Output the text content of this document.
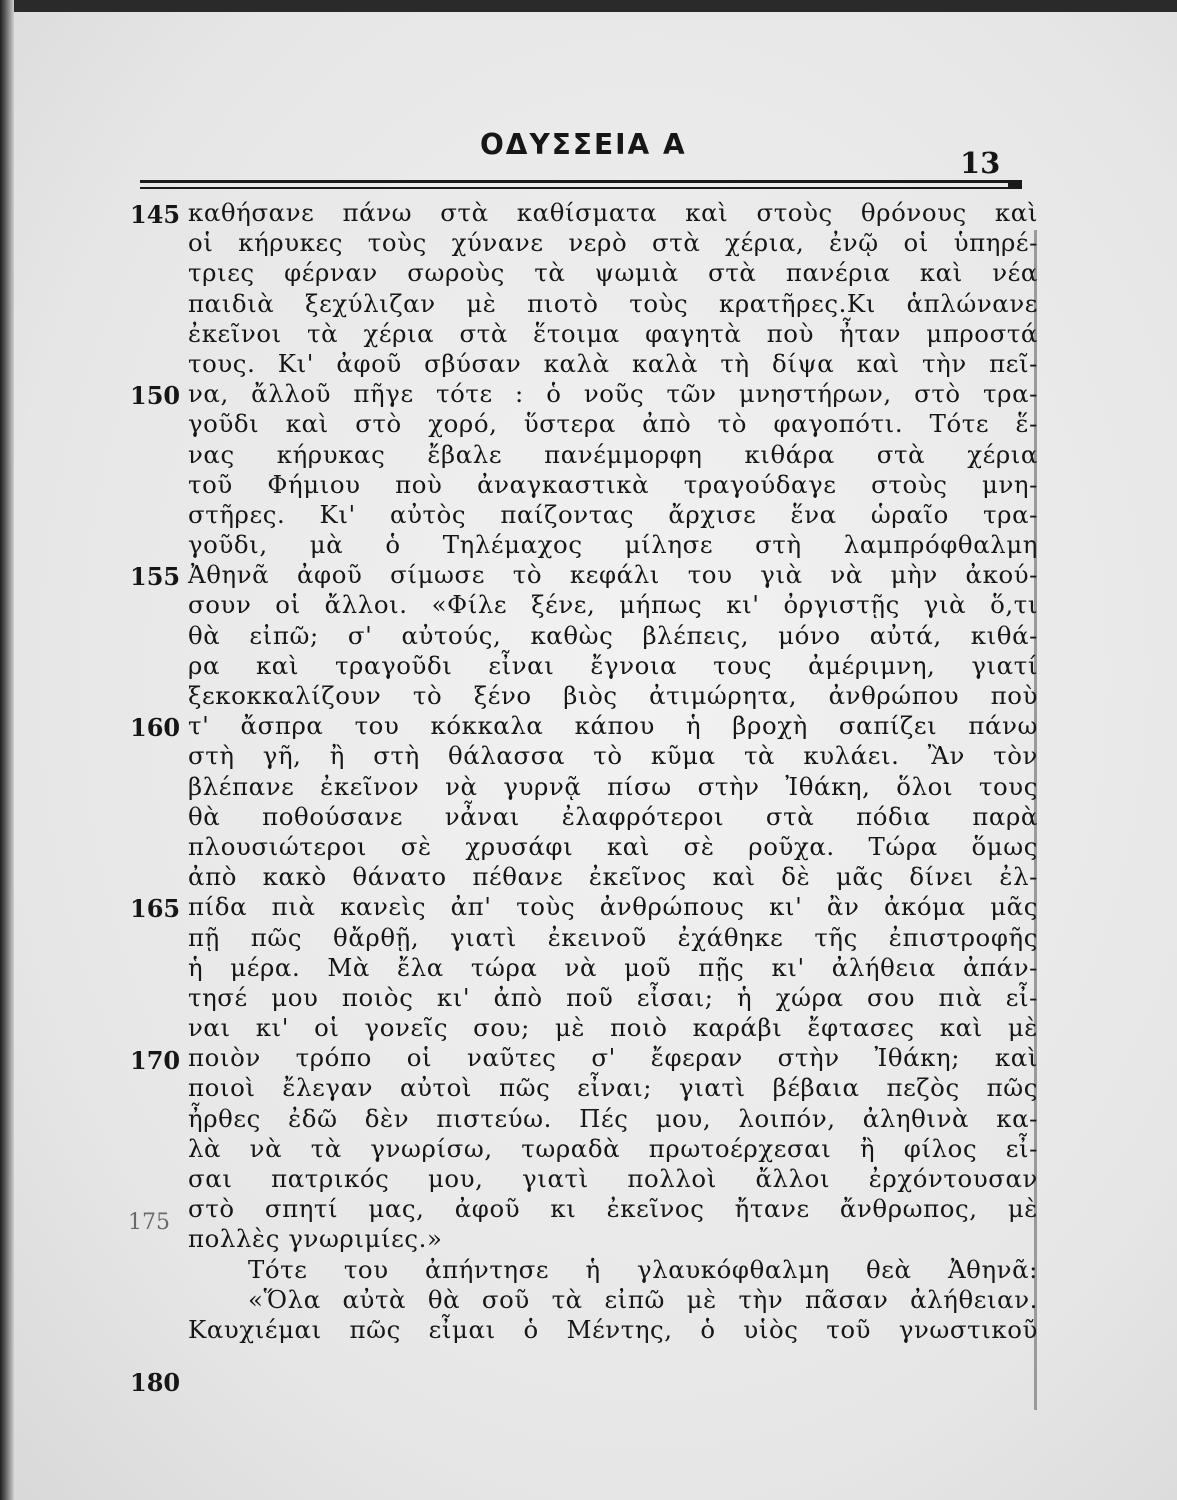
ΟΔΥΣΣΕΙΑ Α
13
145
150
155
160
165
170
180
175
καθήσανε πάνω στὰ καθίσματα καὶ στοὺς θρόνους καὶ
οἱ κήρυκες τοὺς χύνανε νερὸ στὰ χέρια, ἐνῷ οἱ ὑπηρέ-
τριες φέρναν σωροὺς τὰ ψωμιὰ στὰ πανέρια καὶ νέα
παιδιὰ ξεχύλιζαν μὲ πιοτὸ τοὺς κρατῆρες.Κι ἁπλώνανε
ἐκεῖνοι τὰ χέρια στὰ ἕτοιμα φαγητὰ ποὺ ἦταν μπροστά
τους. Κι' ἀφοῦ σβύσαν καλὰ καλὰ τὴ δίψα καὶ τὴν πεῖ-
να, ἄλλοῦ πῆγε τότε : ὁ νοῦς τῶν μνηστήρων, στὸ τρα-
γοῦδι καὶ στὸ χορό, ὕστερα ἀπὸ τὸ φαγοπότι. Τότε ἕ-
νας κήρυκας ἔβαλε πανέμμορφη κιθάρα στὰ χέρια
τοῦ Φήμιου ποὺ ἀναγκαστικὰ τραγούδαγε στοὺς μνη-
στῆρες. Κι' αὐτὸς παίζοντας ἄρχισε ἕνα ὡραῖο τρα-
γοῦδι, μὰ ὁ Τηλέμαχος μίλησε στὴ λαμπρόφθαλμη
Ἀθηνᾶ ἀφοῦ σίμωσε τὸ κεφάλι του γιὰ νὰ μὴν ἀκού-
σουν οἱ ἄλλοι. «Φίλε ξένε, μήπως κι' ὀργιστῇς γιὰ ὅ,τι
θὰ εἰπῶ; σ' αὐτούς, καθὼς βλέπεις, μόνο αὐτά, κιθά-
ρα καὶ τραγοῦδι εἶναι ἔγνοια τους ἀμέριμνη, γιατί
ξεκοκκαλίζουν τὸ ξένο βιὸς ἀτιμώρητα, ἀνθρώπου ποὺ
τ' ἄσπρα του κόκκαλα κάπου ἡ βροχὴ σαπίζει πάνω
στὴ γῆ, ἢ στὴ θάλασσα τὸ κῦμα τὰ κυλάει. Ἂν τὸν
βλέπανε ἐκεῖνον νὰ γυρνᾷ πίσω στὴν Ἰθάκη, ὅλοι τους
θὰ ποθούσανε νἆναι ἐλαφρότεροι στὰ πόδια παρὰ
πλουσιώτεροι σὲ χρυσάφι καὶ σὲ ροῦχα. Τώρα ὅμως
ἀπὸ κακὸ θάνατο πέθανε ἐκεῖνος καὶ δὲ μᾶς δίνει ἐλ-
πίδα πιὰ κανεὶς ἀπ' τοὺς ἀνθρώπους κι' ἂν ἀκόμα μᾶς
πῇ πῶς θἄρθῇ, γιατὶ ἐκεινοῦ ἐχάθηκε τῆς ἐπιστροφῆς
ἡ μέρα. Μὰ ἔλα τώρα νὰ μοῦ πῇς κι' ἀλήθεια ἀπάν-
τησέ μου ποιὸς κι' ἀπὸ ποῦ εἶσαι; ἡ χώρα σου πιὰ εἶ-
ναι κι' οἱ γονεῖς σου; μὲ ποιὸ καράβι ἔφτασες καὶ μὲ
ποιὸν τρόπο οἱ ναῦτες σ' ἔφεραν στὴν Ἰθάκη; καὶ
ποιοὶ ἔλεγαν αὐτοὶ πῶς εἶναι; γιατὶ βέβαια πεζὸς πῶς
ἦρθες ἐδῶ δὲν πιστεύω. Πές μου, λοιπόν, ἀληθινὰ κα-
λὰ νὰ τὰ γνωρίσω, τωραδὰ πρωτοέρχεσαι ἢ φίλος εἶ-
σαι πατρικός μου, γιατὶ πολλοὶ ἄλλοι ἐρχόντουσαν
στὸ σπητί μας, ἀφοῦ κι ἐκεῖνος ἤτανε ἄνθρωπος, μὲ
πολλὲς γνωριμίες.»
Τότε του ἀπήντησε ἡ γλαυκόφθαλμη θεὰ Ἀθηνᾶ:
«Ὅλα αὐτὰ θὰ σοῦ τὰ εἰπῶ μὲ τὴν πᾶσαν ἀλήθειαν.
Καυχιέμαι πῶς εἶμαι ὁ Μέντης, ὁ υἱὸς τοῦ γνωστικοῦ
